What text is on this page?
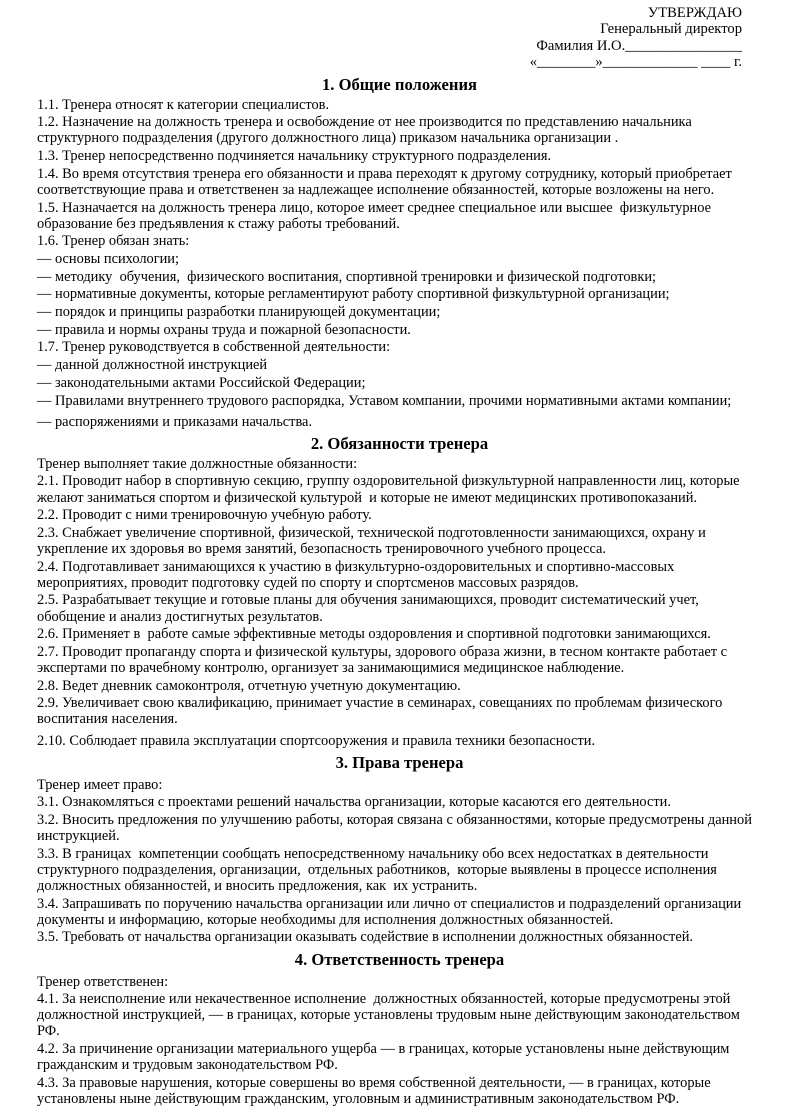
УТВЕРЖДАЮ
Генеральный директор
Фамилия И.О.________________
«________»_____________ ____ г.
1. Общие положения

1.1. Тренера относят к категории специалистов.

1.2. Назначение на должность тренера и освобождение от нее производится по представлению начальника структурного подразделения (другого должностного лица) приказом начальника организации .

1.3. Тренер непосредственно подчиняется начальнику структурного подразделения.

1.4. Во время отсутствия тренера его обязанности и права переходят к другому сотруднику, который приобретает соответствующие права и ответственен за надлежащее исполнение обязанностей, которые возложены на него.

1.5. Назначается на должность тренера лицо, которое имеет среднее специальное или высшее  физкультурное образование без предъявления к стажу работы требований.

1.6. Тренер обязан знать:

— основы психологии;

— методику  обучения,  физического воспитания, спортивной тренировки и физической подготовки;

— нормативные документы, которые регламентируют работу спортивной физкультурной организации;

— порядок и принципы разработки планирующей документации;

— правила и нормы охраны труда и пожарной безопасности.

1.7. Тренер руководствуется в собственной деятельности:

— данной должностной инструкцией

— законодательными актами Российской Федерации;

— Правилами внутреннего трудового распорядка, Уставом компании, прочими нормативными актами компании;

— распоряжениями и приказами начальства.

2. Обязанности тренера

Тренер выполняет такие должностные обязанности:

2.1. Проводит набор в спортивную секцию, группу оздоровительной физкультурной направленности лиц, которые желают заниматься спортом и физической культурой  и которые не имеют медицинских противопоказаний.

2.2. Проводит с ними тренировочную учебную работу.

2.3. Снабжает увеличение спортивной, физической, технической подготовленности занимающихся, охрану и укрепление их здоровья во время занятий, безопасность тренировочного учебного процесса.

2.4. Подготавливает занимающихся к участию в физкультурно-оздоровительных и спортивно-массовых мероприятиях, проводит подготовку судей по спорту и спортсменов массовых разрядов.

2.5. Разрабатывает текущие и готовые планы для обучения занимающихся, проводит систематический учет, обобщение и анализ достигнутых результатов.

2.6. Применяет в  работе самые эффективные методы оздоровления и спортивной подготовки занимающихся.

2.7. Проводит пропаганду спорта и физической культуры, здорового образа жизни, в тесном контакте работает с экспертами по врачебному контролю, организует за занимающимися медицинское наблюдение.

2.8. Ведет дневник самоконтроля, отчетную учетную документацию.

2.9. Увеличивает свою квалификацию, принимает участие в семинарах, совещаниях по проблемам физического воспитания населения.

2.10. Соблюдает правила эксплуатации спортсооружения и правила техники безопасности.

3. Права тренера

Тренер имеет право:

3.1. Ознакомляться с проектами решений начальства организации, которые касаются его деятельности.

3.2. Вносить предложения по улучшению работы, которая связана с обязанностями, которые предусмотрены данной инструкцией.

3.3. В границах  компетенции сообщать непосредственному начальнику обо всех недостатках в деятельности структурного подразделения, организации,  отдельных работников,  которые выявлены в процессе исполнения должностных обязанностей, и вносить предложения, как  их устранить.

3.4. Запрашивать по поручению начальства организации или лично от специалистов и подразделений организации документы и информацию, которые необходимы для исполнения должностных обязанностей.

3.5. Требовать от начальства организации оказывать содействие в исполнении должностных обязанностей.

4. Ответственность тренера

Тренер ответственен:

4.1. За неисполнение или некачественное исполнение  должностных обязанностей, которые предусмотрены этой должностной инструкцией, — в границах, которые установлены трудовым ныне действующим законодательством РФ.

4.2. За причинение организации материального ущерба — в границах, которые установлены ныне действующим гражданским и трудовым законодательством РФ.

4.3. За правовые нарушения, которые совершены во время собственной деятельности, — в границах, которые установлены ныне действующим гражданским, уголовным и административным законодательством РФ.
